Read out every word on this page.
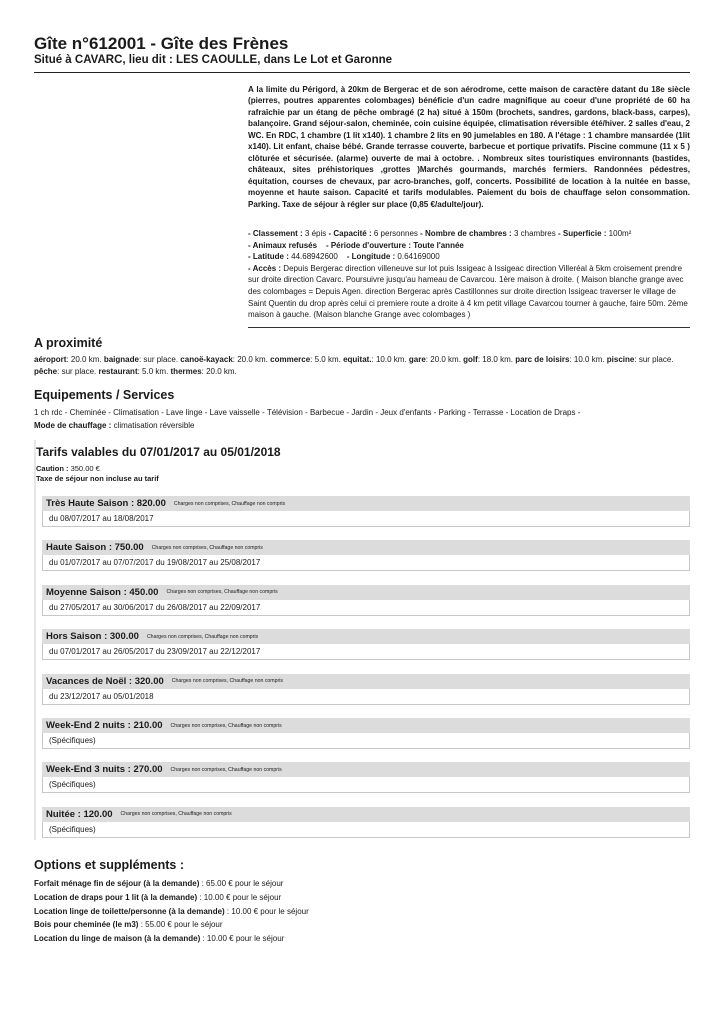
Gîte n°612001 - Gîte des Frènes
Situé à CAVARC, lieu dit : LES CAOULLE, dans Le Lot et Garonne
A la limite du Périgord, à 20km de Bergerac et de son aérodrome, cette maison de caractère datant du 18e siècle (pierres, poutres apparentes colombages) bénéficie d'un cadre magnifique au coeur d'une propriété de 60 ha rafraîchie par un étang de pêche ombragé (2 ha) situé à 150m (brochets, sandres, gardons, black-bass, carpes), balançoire. Grand séjour-salon, cheminée, coin cuisine équipée, climatisation réversible été/hiver. 2 salles d'eau, 2 WC. En RDC, 1 chambre (1 lit x140). 1 chambre 2 lits en 90 jumelables en 180. A l'étage : 1 chambre mansardée (1lit x140). Lit enfant, chaise bébé. Grande terrasse couverte, barbecue et portique privatifs. Piscine commune (11 x 5 ) clôturée et sécurisée. (alarme) ouverte de mai à octobre. . Nombreux sites touristiques environnants (bastides, châteaux, sites préhistoriques ,grottes )Marchés gourmands, marchés fermiers. Randonnées pédestres, équitation, courses de chevaux, par acro-branches, golf, concerts. Possibilité de location à la nuitée en basse, moyenne et haute saison. Capacité et tarifs modulables. Paiement du bois de chauffage selon consommation. Parking. Taxe de séjour à régler sur place (0,85 €/adulte/jour).
- Classement : 3 épis - Capacité : 6 personnes - Nombre de chambres : 3 chambres - Superficie : 100m²
- Animaux refusés - Période d'ouverture : Toute l'année
- Latitude : 44.68942600 - Longitude : 0.64169000
- Accès : Depuis Bergerac direction villeneuve sur lot puis Issigeac à Issigeac direction Villeréal à 5km croisement prendre sur droite direction Cavarc. Poursuivre jusqu'au hameau de Cavarcou. 1ère maison à droite. ( Maison blanche grange avec des colombages = Depuis Agen. direction Bergerac après Castillonnes sur droite direction Issigeac traverser le village de Saint Quentin du drop après celui ci premiere route a droite à 4 km petit village Cavarcou tourner à gauche, faire 50m. 2ème maison à gauche. (Maison blanche Grange avec colombages )
A proximité
aéroport: 20.0 km. baignade: sur place. canoë-kayack: 20.0 km. commerce: 5.0 km. equitat.: 10.0 km. gare: 20.0 km. golf: 18.0 km. parc de loisirs: 10.0 km. piscine: sur place. pêche: sur place. restaurant: 5.0 km. thermes: 20.0 km.
Equipements / Services
1 ch rdc - Cheminée - Climatisation - Lave linge - Lave vaisselle - Télévision - Barbecue - Jardin - Jeux d'enfants - Parking - Terrasse - Location de Draps -
Mode de chauffage : climatisation réversible
Tarifs valables du 07/01/2017 au 05/01/2018
Caution : 350.00 €
Taxe de séjour non incluse au tarif
Très Haute Saison : 820.00 Charges non comprises, Chauffage non compris
du 08/07/2017 au 18/08/2017
Haute Saison : 750.00 Charges non comprises, Chauffage non compris
du 01/07/2017 au 07/07/2017 du 19/08/2017 au 25/08/2017
Moyenne Saison : 450.00 Charges non comprises, Chauffage non compris
du 27/05/2017 au 30/06/2017 du 26/08/2017 au 22/09/2017
Hors Saison : 300.00 Charges non comprises, Chauffage non compris
du 07/01/2017 au 26/05/2017 du 23/09/2017 au 22/12/2017
Vacances de Noël : 320.00 Charges non comprises, Chauffage non compris
du 23/12/2017 au 05/01/2018
Week-End 2 nuits : 210.00 Charges non comprises, Chauffage non compris
(Spécifiques)
Week-End 3 nuits : 270.00 Charges non comprises, Chauffage non compris
(Spécifiques)
Nuitée : 120.00 Charges non comprises, Chauffage non compris
(Spécifiques)
Options et suppléments :
Forfait ménage fin de séjour (à la demande) : 65.00 € pour le séjour
Location de draps pour 1 lit (à la demande) : 10.00 € pour le séjour
Location linge de toilette/personne (à la demande) : 10.00 € pour le séjour
Bois pour cheminée (le m3) : 55.00 € pour le séjour
Location du linge de maison (à la demande) : 10.00 € pour le séjour
